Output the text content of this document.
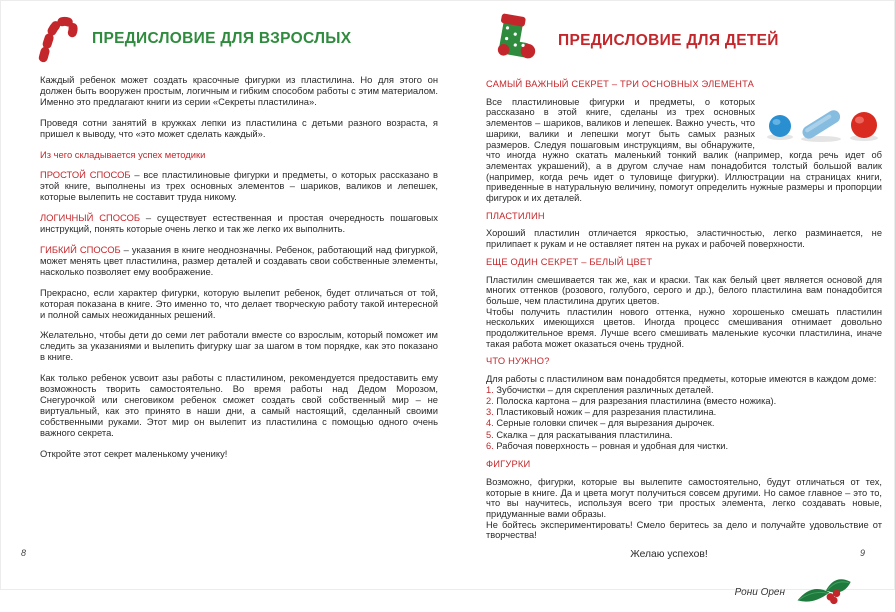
ПРЕДИСЛОВИЕ ДЛЯ ВЗРОСЛЫХ

Каждый ребенок может создать красочные фигурки из пластилина. Но для этого он должен быть вооружен простым, логичным и гибким способом работы с этим материалом. Именно это предлагают книги из серии «Секреты пластилина».

Проведя сотни занятий в кружках лепки из пластилина с детьми разного возраста, я пришел к выводу, что «это может сделать каждый».

Из чего складывается успех методики

ПРОСТОЙ СПОСОБ – все пластилиновые фигурки и предметы, о которых рассказано в этой книге, выполнены из трех основных элементов – шариков, валиков и лепешек, которые вылепить не составит труда никому.

ЛОГИЧНЫЙ СПОСОБ – существует естественная и простая очередность пошаговых инструкций, понять которые очень легко и так же легко их выполнить.

ГИБКИЙ СПОСОБ – указания в книге неоднозначны. Ребенок, работающий над фигуркой, может менять цвет пластилина, размер деталей и создавать свои собственные элементы, насколько позволяет ему воображение.

Прекрасно, если характер фигурки, которую вылепит ребенок, будет отличаться от той, которая показана в книге. Это именно то, что делает творческую работу такой интересной и полной самых неожиданных решений.

Желательно, чтобы дети до семи лет работали вместе со взрослым, который поможет им следить за указаниями и вылепить фигурку шаг за шагом в том порядке, как это показано в книге.

Как только ребенок усвоит азы работы с пластилином, рекомендуется предоставить ему возможность творить самостоятельно. Во время работы над Дедом Морозом, Снегурочкой или снеговиком ребенок сможет создать свой собственный мир – не виртуальный, как это принято в наши дни, а самый настоящий, сделанный своими собственными руками. Этот мир он вылепит из пластилина с помощью одного очень важного секрета.

Откройте этот секрет маленькому ученику!

ПРЕДИСЛОВИЕ ДЛЯ ДЕТЕЙ

САМЫЙ ВАЖНЫЙ СЕКРЕТ – ТРИ ОСНОВНЫХ ЭЛЕМЕНТА

Все пластилиновые фигурки и предметы, о которых рассказано в этой книге, сделаны из трех основных элементов – шариков, валиков и лепешек. Важно учесть, что шарики, валики и лепешки могут быть самых разных размеров. Следуя пошаговым инструкциям, вы обнаружите, что иногда нужно скатать маленький тонкий валик (например, когда речь идет об элементах украшений), а в другом случае нам понадобится толстый большой валик (например, когда речь идет о туловище фигурки). Иллюстрации на страницах книги, приведенные в натуральную величину, помогут определить нужные размеры и пропорции фигурок и их деталей.

ПЛАСТИЛИН

Хороший пластилин отличается яркостью, эластичностью, легко разминается, не прилипает к рукам и не оставляет пятен на руках и рабочей поверхности.

ЕЩЕ ОДИН СЕКРЕТ – БЕЛЫЙ ЦВЕТ

Пластилин смешивается так же, как и краски. Так как белый цвет является основой для многих оттенков (розового, голубого, серого и др.), белого пластилина вам понадобится больше, чем пластилина других цветов.

Чтобы получить пластилин нового оттенка, нужно хорошенько смешать пластилин нескольких имеющихся цветов. Иногда процесс смешивания отнимает довольно продолжительное время. Лучше всего смешивать маленькие кусочки пластилина, иначе такая работа может оказаться очень трудной.

ЧТО НУЖНО?

Для работы с пластилином вам понадобятся предметы, которые имеются в каждом доме:

1. Зубочистки – для скрепления различных деталей.
2. Полоска картона – для разрезания пластилина (вместо ножика).
3. Пластиковый ножик – для разрезания пластилина.
4. Серные головки спичек – для вырезания дырочек.
5. Скалка – для раскатывания пластилина.
6. Рабочая поверхность – ровная и удобная для чистки.

ФИГУРКИ

Возможно, фигурки, которые вы вылепите самостоятельно, будут отличаться от тех, которые в книге. Да и цвета могут получиться совсем другими. Но самое главное – это то, что вы научитесь, используя всего три простых элемента, легко создавать новые, придуманные вами образы.

Не бойтесь экспериментировать! Смело беритесь за дело и получайте удовольствие от творчества!

Желаю успехов!
Рони Орен
8	9
